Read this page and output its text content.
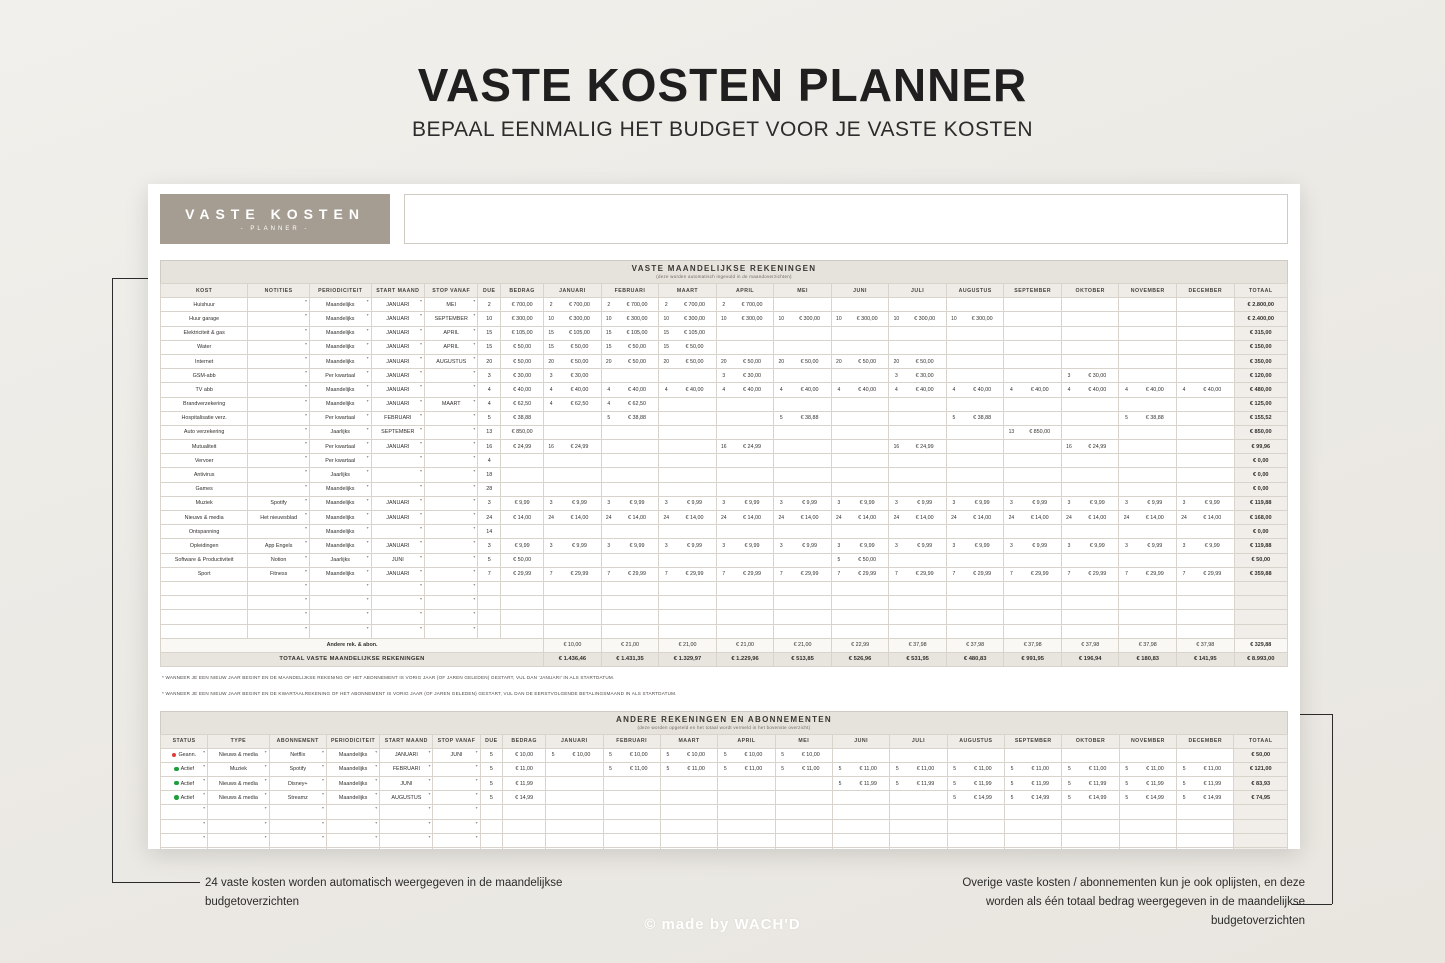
VASTE KOSTEN PLANNER
BEPAAL EENMALIG HET BUDGET VOOR JE VASTE KOSTEN
VASTE KOSTEN
- PLANNER -
VASTE MAANDELIJKSE REKENINGEN
(deze worden automatisch ingevuld in de maandoverzichten)
KOST	NOTITIES	PERIODICITEIT	START MAAND	STOP VANAF	DUE	BEDRAG	JANUARI	FEBRUARI	MAART	APRIL	MEI	JUNI	JULI	AUGUSTUS	SEPTEMBER	OKTOBER	NOVEMBER	DECEMBER	TOTAAL
Huishuur	▾	Maandelijks ▾	JANUARI ▾	MEI ▾	2	€ 700,00	2 € 700,00	2 € 700,00	2 € 700,00	2 € 700,00									€ 2.800,00
Huur garage	▾	Maandelijks ▾	JANUARI ▾	SEPTEMBER ▾	10	€ 300,00	10 € 300,00	10 € 300,00	10 € 300,00	10 € 300,00	10 € 300,00	10 € 300,00	10 € 300,00	10 € 300,00					€ 2.400,00
Elektriciteit & gas	▾	Maandelijks ▾	JANUARI ▾	APRIL ▾	15	€ 105,00	15 € 105,00	15 € 105,00	15 € 105,00										€ 315,00
Water	▾	Maandelijks ▾	JANUARI ▾	APRIL ▾	15	€ 50,00	15 € 50,00	15 € 50,00	15 € 50,00										€ 150,00
Internet	▾	Maandelijks ▾	JANUARI ▾	AUGUSTUS ▾	20	€ 50,00	20 € 50,00	20 € 50,00	20 € 50,00	20 € 50,00	20 € 50,00	20 € 50,00	20 € 50,00						€ 350,00
GSM-abb	▾	Per kwartaal ▾	JANUARI ▾	▾	3	€ 30,00	3 € 30,00			3 € 30,00			3 € 30,00			3 € 30,00			€ 120,00
TV abb	▾	Maandelijks ▾	JANUARI ▾	▾	4	€ 40,00	4 € 40,00	4 € 40,00	4 € 40,00	4 € 40,00	4 € 40,00	4 € 40,00	4 € 40,00	4 € 40,00	4 € 40,00	4 € 40,00	4 € 40,00	4 € 40,00	€ 480,00
Brandverzekering	▾	Maandelijks ▾	JANUARI ▾	MAART ▾	4	€ 62,50	4 € 62,50	4 € 62,50											€ 125,00
Hospitalisatie verz.	▾	Per kwartaal ▾	FEBRUARI ▾	▾	5	€ 38,88		5 € 38,88			5 € 38,88			5 € 38,88			5 € 38,88		€ 155,52
Auto verzekering	▾	Jaarlijks ▾	SEPTEMBER ▾	▾	13	€ 850,00									13 € 850,00				€ 850,00
Mutualiteit	▾	Per kwartaal ▾	JANUARI ▾	▾	16	€ 24,99	16 € 24,99			16 € 24,99			16 € 24,99			16 € 24,99			€ 99,96
Vervoer	▾	Per kwartaal ▾	▾	▾	4														€ 0,00
Antivirus	▾	Jaarlijks ▾	▾	▾	18														€ 0,00
Games	▾	Maandelijks ▾	▾	▾	28														€ 0,00
Muziek	Spotify ▾	Maandelijks ▾	JANUARI ▾	▾	3	€ 9,99	3 € 9,99	3 € 9,99	3 € 9,99	3 € 9,99	3 € 9,99	3 € 9,99	3 € 9,99	3 € 9,99	3 € 9,99	3 € 9,99	3 € 9,99	3 € 9,99	€ 119,88
Nieuws & media	Het nieuwsblad ▾	Maandelijks ▾	JANUARI ▾	▾	24	€ 14,00	24 € 14,00	24 € 14,00	24 € 14,00	24 € 14,00	24 € 14,00	24 € 14,00	24 € 14,00	24 € 14,00	24 € 14,00	24 € 14,00	24 € 14,00	24 € 14,00	€ 168,00
Ontspanning	▾	Maandelijks ▾	▾	▾	14														€ 0,00
Opleidingen	App Engels ▾	Maandelijks ▾	JANUARI ▾	▾	3	€ 9,99	3 € 9,99	3 € 9,99	3 € 9,99	3 € 9,99	3 € 9,99	3 € 9,99	3 € 9,99	3 € 9,99	3 € 9,99	3 € 9,99	3 € 9,99	3 € 9,99	€ 119,88
Software & Productiviteit	Notion ▾	Jaarlijks ▾	JUNI ▾	▾	5	€ 50,00						5 € 50,00							€ 50,00
Sport	Fitness ▾	Maandelijks ▾	JANUARI ▾	▾	7	€ 29,99	7 € 29,99	7 € 29,99	7 € 29,99	7 € 29,99	7 € 29,99	7 € 29,99	7 € 29,99	7 € 29,99	7 € 29,99	7 € 29,99	7 € 29,99	7 € 29,99	€ 359,88
	▾	▾	▾	▾			

	▾	▾	▾	▾			

	▾	▾	▾	▾			

	▾	▾	▾	▾			

Andere rek. & abon.							€ 10,00	€ 21,00	€ 21,00	€ 21,00	€ 21,00	€ 22,99	€ 37,98	€ 37,98	€ 37,98	€ 37,98	€ 37,98	€ 37,98	€ 329,88
TOTAAL VASTE MAANDELIJKSE REKENINGEN							€ 1.436,46	€ 1.431,35	€ 1.329,97	€ 1.229,96	€ 513,85	€ 526,96	€ 531,95	€ 480,83	€ 991,95	€ 196,94	€ 180,83	€ 141,95	€ 8.993,00
* WANNEER JE EEN NIEUW JAAR BEGINT EN DE MAANDELIJKSE REKENING OF HET ABONNEMENT IS VORIG JAAR (OF JAREN GELEDEN) GESTART, VUL DAN 'JANUARI' IN ALS STARTDATUM.
* WANNEER JE EEN NIEUW JAAR BEGINT EN DE KWARTAALREKENING OF HET ABONNEMENT IS VORIG JAAR (OF JAREN GELEDEN) GESTART, VUL DAN DE EERSTVOLGENDE BETALINGSMAAND IN ALS STARTDATUM.
ANDERE REKENINGEN EN ABONNEMENTEN
(deze worden opgeteld en het totaal wordt vermeld in het bovenste overzicht)
STATUS	TYPE	ABONNEMENT	PERIODICITEIT	START MAAND	STOP VANAF	DUE	BEDRAG	JANUARI	FEBRUARI	MAART	APRIL	MEI	JUNI	JULI	AUGUSTUS	SEPTEMBER	OKTOBER	NOVEMBER	DECEMBER	TOTAAL
Geann. ▾	Nieuws & media ▾	Netflix ▾	Maandelijks ▾	JANUARI ▾	JUNI ▾	5	€ 10,00	5 € 10,00	5 € 10,00	5 € 10,00	5 € 10,00	5 € 10,00								€ 50,00
Actief ▾	Muziek ▾	Spotify ▾	Maandelijks ▾	FEBRUARI ▾	▾	5	€ 11,00		5 € 11,00	5 € 11,00	5 € 11,00	5 € 11,00	5 € 11,00	5 € 11,00	5 € 11,00	5 € 11,00	5 € 11,00	5 € 11,00	5 € 11,00	€ 121,00
Actief ▾	Nieuws & media ▾	Disney+ ▾	Maandelijks ▾	JUNI ▾	▾	5	€ 11,99						5 € 11,99	5 € 11,99	5 € 11,99	5 € 11,99	5 € 11,99	5 € 11,99	5 € 11,99	€ 83,93
Actief ▾	Nieuws & media ▾	Streamz ▾	Maandelijks ▾	AUGUSTUS ▾	▾	5	€ 14,99								5 € 14,99	5 € 14,99	5 € 14,99	5 € 14,99	5 € 14,99	€ 74,95
▾	▾	▾	▾	▾	▾			

▾	▾	▾	▾	▾	▾			

▾	▾	▾	▾	▾	▾			

▾	▾	▾	▾	▾	▾			

24 vaste kosten worden automatisch weergegeven in de maandelijkse budgetoverzichten
Overige vaste kosten / abonnementen kun je ook oplijsten, en deze worden als één totaal bedrag weergegeven in de maandelijkse budgetoverzichten
© made by WACH'D
